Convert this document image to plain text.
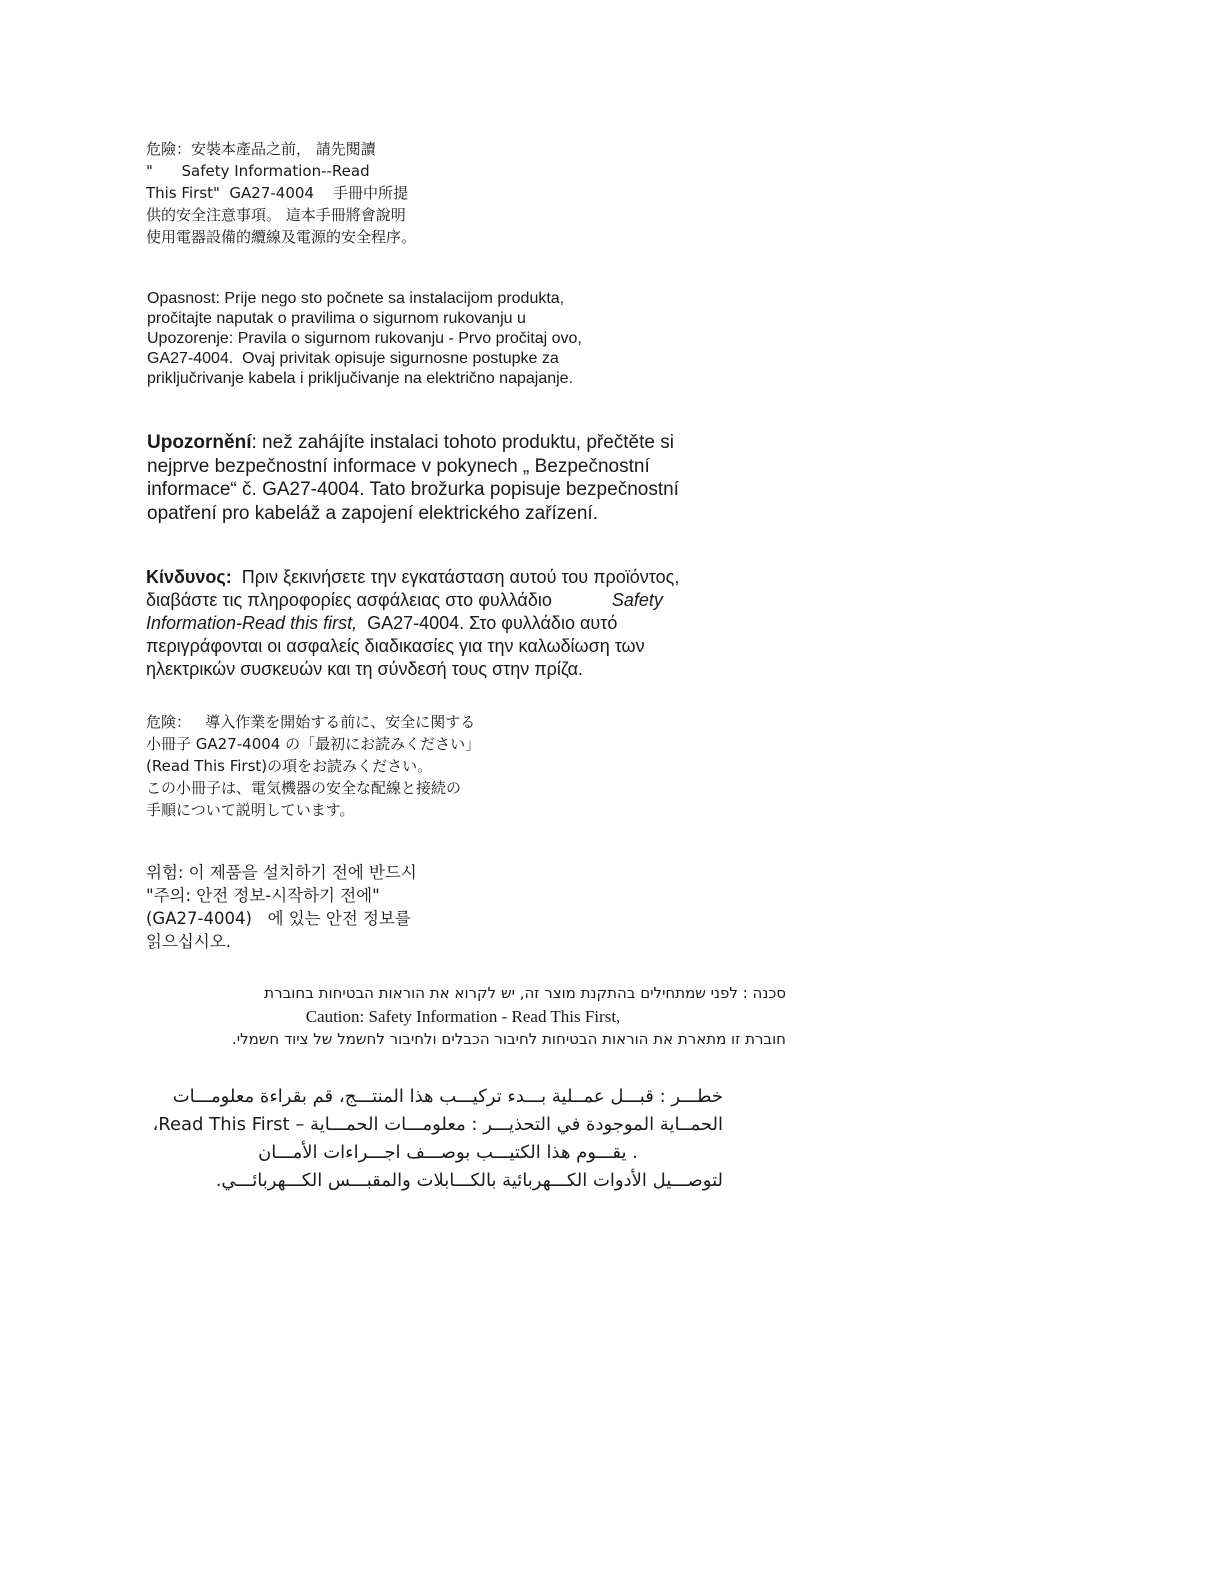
危險：安裝本產品之前， 請先閱讀
"      Safety Information--Read
This First"  GA27-4004    手冊中所提
供的安全注意事項。 這本手冊將會說明
使用電器設備的纜線及電源的安全程序。
Opasnost: Prije nego sto počnete sa instalacijom produkta,
pročitajte naputak o pravilima o sigurnom rukovanju u
Upozorenje: Pravila o sigurnom rukovanju - Prvo pročitaj ovo,
GA27-4004.  Ovaj privitak opisuje sigurnosne postupke za
priključrivanje kabela i priključivanje na električno napajanje.
Upozornění: než zahájíte instalaci tohoto produktu, přečtěte si
nejprve bezpečnostní informace v pokynech „ Bezpečnostní
informace“ č. GA27-4004. Tato brožurka popisuje bezpečnostní
opatření pro kabeláž a zapojení elektrického zařízení.
Κίνδυνος:  Πριν ξεκινήσετε την εγκατάσταση αυτού του προϊόντος,
διαβάστε τις πληροφορίες ασφάλειας στο φυλλάδιο	Safety
Information-Read this first,  GA27-4004. Στο φυλλάδιο αυτό
περιγράφονται οι ασφαλείς διαδικασίες για την καλωδίωση των
ηλεκτρικών συσκευών και τη σύνδεσή τους στην πρίζα.
危険：   導入作業を開始する前に、安全に関する
小冊子 GA27-4004 の「最初にお読みください」
(Read This First)の項をお読みください。
この小冊子は、電気機器の安全な配線と接続の
手順について説明しています。
위험: 이 제품을 설치하기 전에 반드시
"주의: 안전 정보-시작하기 전에"
(GA27-4004)   에 있는 안전 정보를
읽으십시오.
סכנה : לפני שמתחילים בהתקנת מוצר זה, יש לקרוא את הוראות הבטיחות בחוברת
Caution: Safety Information - Read This First,
חוברת זו מתארת את הוראות הבטיחות לחיבור הכבלים ולחיבור לחשמל של ציוד חשמלי.
خطـــر : قبـــل عمــلية بـــدء تركيـــب هذا المنتـــج، قم بقراءة معلومـــات
الحمــاية الموجودة في التحذيـــر : معلومـــات الحمـــاية – Read This First،
. يقـــوم هذا الكتيـــب بوصـــف اجـــراءات الأمـــان
لتوصـــيل الأدوات الكـــهربائية بالكـــابلات والمقبـــس الكـــهربائـــي.
